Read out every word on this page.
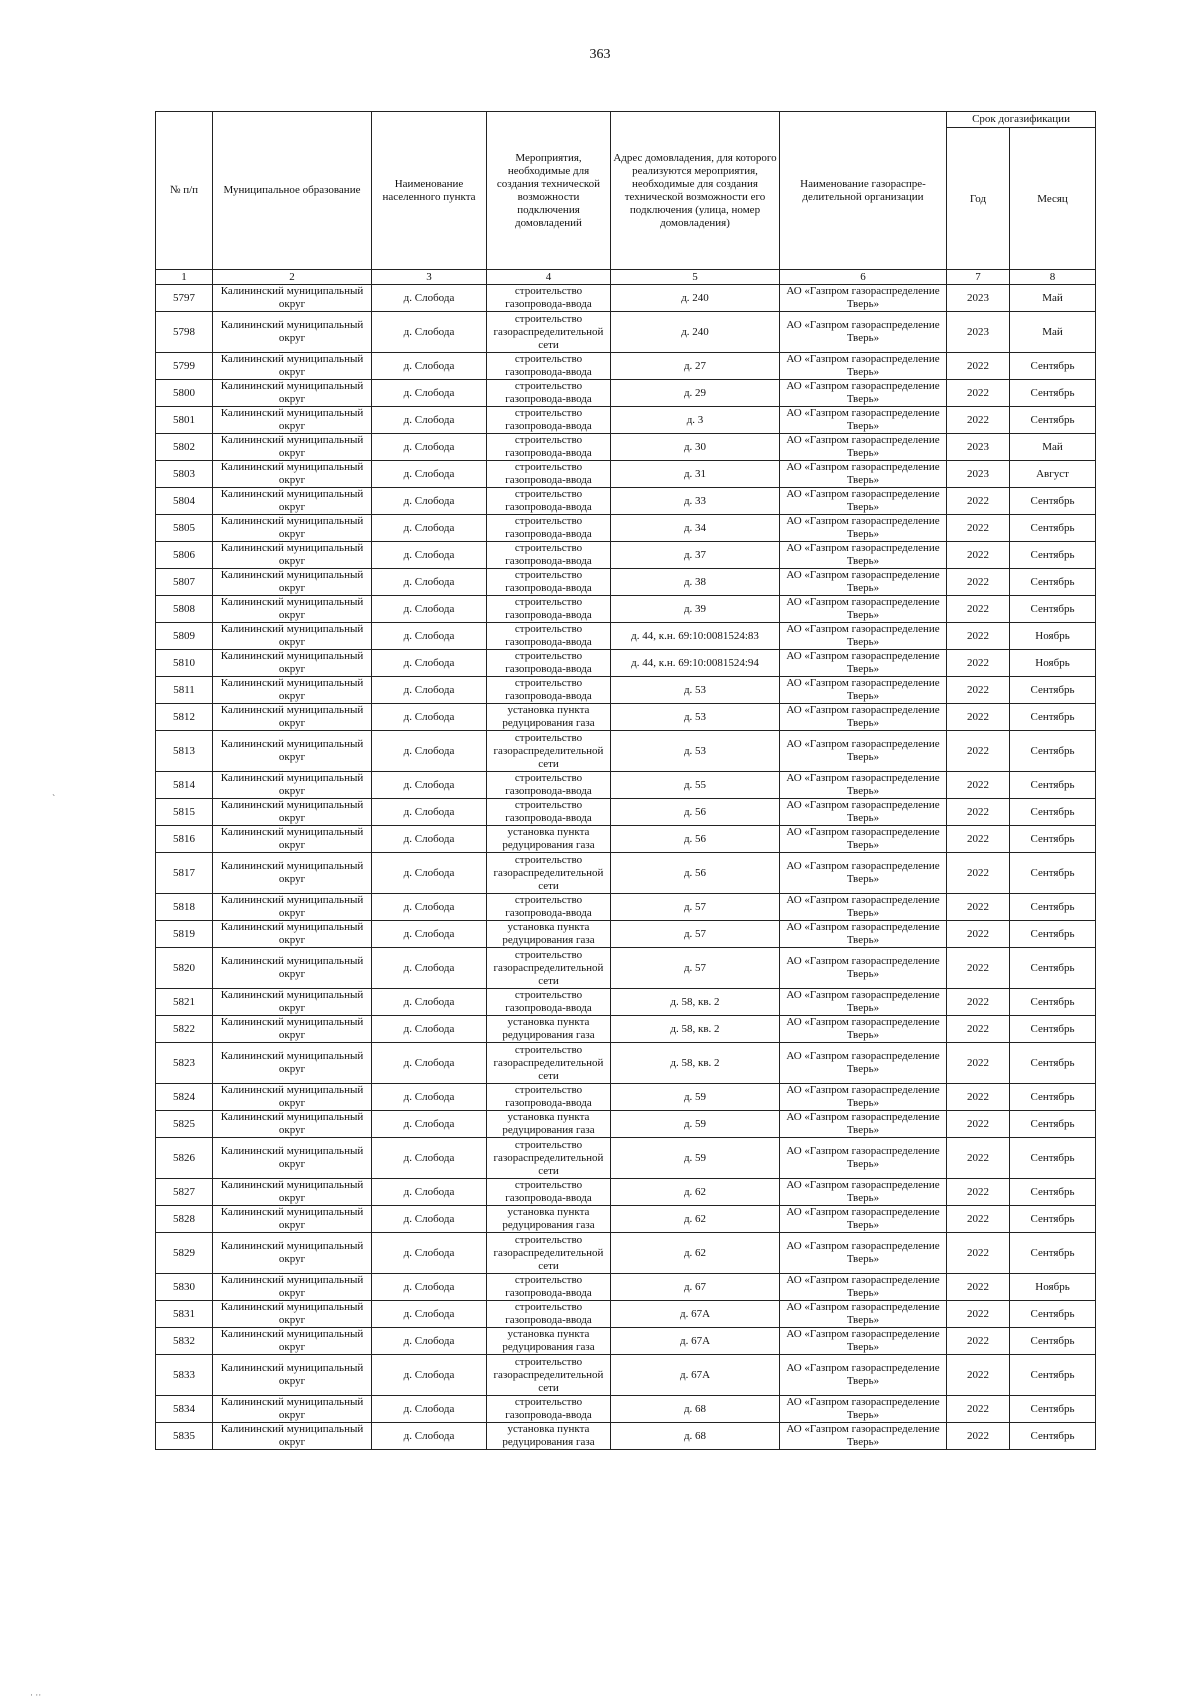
363
`
· ··
№ п/п	Муниципальное образование	Наименование населенного пункта	Мероприятия, необходимые для создания технической возможности подключения домовладений	Адрес домовладения, для которого реализуются мероприятия, необходимые для создания технической возможности его подключения (улица, номер домовладения)	Наименование газораспре-делительной организации	Срок догазификации	
						Год	Месяц
1	2	3	4	5	6	7	8
5797	Калининский муниципальный округ	д. Слобода	строительство газопровода-ввода	д. 240	АО «Газпром газораспределение Тверь»	2023	Май
5798	Калининский муниципальный округ	д. Слобода	строительство газораспределительной сети	д. 240	АО «Газпром газораспределение Тверь»	2023	Май
5799	Калининский муниципальный округ	д. Слобода	строительство газопровода-ввода	д. 27	АО «Газпром газораспределение Тверь»	2022	Сентябрь
5800	Калининский муниципальный округ	д. Слобода	строительство газопровода-ввода	д. 29	АО «Газпром газораспределение Тверь»	2022	Сентябрь
5801	Калининский муниципальный округ	д. Слобода	строительство газопровода-ввода	д. 3	АО «Газпром газораспределение Тверь»	2022	Сентябрь
5802	Калининский муниципальный округ	д. Слобода	строительство газопровода-ввода	д. 30	АО «Газпром газораспределение Тверь»	2023	Май
5803	Калининский муниципальный округ	д. Слобода	строительство газопровода-ввода	д. 31	АО «Газпром газораспределение Тверь»	2023	Август
5804	Калининский муниципальный округ	д. Слобода	строительство газопровода-ввода	д. 33	АО «Газпром газораспределение Тверь»	2022	Сентябрь
5805	Калининский муниципальный округ	д. Слобода	строительство газопровода-ввода	д. 34	АО «Газпром газораспределение Тверь»	2022	Сентябрь
5806	Калининский муниципальный округ	д. Слобода	строительство газопровода-ввода	д. 37	АО «Газпром газораспределение Тверь»	2022	Сентябрь
5807	Калининский муниципальный округ	д. Слобода	строительство газопровода-ввода	д. 38	АО «Газпром газораспределение Тверь»	2022	Сентябрь
5808	Калининский муниципальный округ	д. Слобода	строительство газопровода-ввода	д. 39	АО «Газпром газораспределение Тверь»	2022	Сентябрь
5809	Калининский муниципальный округ	д. Слобода	строительство газопровода-ввода	д. 44, к.н. 69:10:0081524:83	АО «Газпром газораспределение Тверь»	2022	Ноябрь
5810	Калининский муниципальный округ	д. Слобода	строительство газопровода-ввода	д. 44, к.н. 69:10:0081524:94	АО «Газпром газораспределение Тверь»	2022	Ноябрь
5811	Калининский муниципальный округ	д. Слобода	строительство газопровода-ввода	д. 53	АО «Газпром газораспределение Тверь»	2022	Сентябрь
5812	Калининский муниципальный округ	д. Слобода	установка пункта редуцирования газа	д. 53	АО «Газпром газораспределение Тверь»	2022	Сентябрь
5813	Калининский муниципальный округ	д. Слобода	строительство газораспределительной сети	д. 53	АО «Газпром газораспределение Тверь»	2022	Сентябрь
5814	Калининский муниципальный округ	д. Слобода	строительство газопровода-ввода	д. 55	АО «Газпром газораспределение Тверь»	2022	Сентябрь
5815	Калининский муниципальный округ	д. Слобода	строительство газопровода-ввода	д. 56	АО «Газпром газораспределение Тверь»	2022	Сентябрь
5816	Калининский муниципальный округ	д. Слобода	установка пункта редуцирования газа	д. 56	АО «Газпром газораспределение Тверь»	2022	Сентябрь
5817	Калининский муниципальный округ	д. Слобода	строительство газораспределительной сети	д. 56	АО «Газпром газораспределение Тверь»	2022	Сентябрь
5818	Калининский муниципальный округ	д. Слобода	строительство газопровода-ввода	д. 57	АО «Газпром газораспределение Тверь»	2022	Сентябрь
5819	Калининский муниципальный округ	д. Слобода	установка пункта редуцирования газа	д. 57	АО «Газпром газораспределение Тверь»	2022	Сентябрь
5820	Калининский муниципальный округ	д. Слобода	строительство газораспределительной сети	д. 57	АО «Газпром газораспределение Тверь»	2022	Сентябрь
5821	Калининский муниципальный округ	д. Слобода	строительство газопровода-ввода	д. 58, кв. 2	АО «Газпром газораспределение Тверь»	2022	Сентябрь
5822	Калининский муниципальный округ	д. Слобода	установка пункта редуцирования газа	д. 58, кв. 2	АО «Газпром газораспределение Тверь»	2022	Сентябрь
5823	Калининский муниципальный округ	д. Слобода	строительство газораспределительной сети	д. 58, кв. 2	АО «Газпром газораспределение Тверь»	2022	Сентябрь
5824	Калининский муниципальный округ	д. Слобода	строительство газопровода-ввода	д. 59	АО «Газпром газораспределение Тверь»	2022	Сентябрь
5825	Калининский муниципальный округ	д. Слобода	установка пункта редуцирования газа	д. 59	АО «Газпром газораспределение Тверь»	2022	Сентябрь
5826	Калининский муниципальный округ	д. Слобода	строительство газораспределительной сети	д. 59	АО «Газпром газораспределение Тверь»	2022	Сентябрь
5827	Калининский муниципальный округ	д. Слобода	строительство газопровода-ввода	д. 62	АО «Газпром газораспределение Тверь»	2022	Сентябрь
5828	Калининский муниципальный округ	д. Слобода	установка пункта редуцирования газа	д. 62	АО «Газпром газораспределение Тверь»	2022	Сентябрь
5829	Калининский муниципальный округ	д. Слобода	строительство газораспределительной сети	д. 62	АО «Газпром газораспределение Тверь»	2022	Сентябрь
5830	Калининский муниципальный округ	д. Слобода	строительство газопровода-ввода	д. 67	АО «Газпром газораспределение Тверь»	2022	Ноябрь
5831	Калининский муниципальный округ	д. Слобода	строительство газопровода-ввода	д. 67А	АО «Газпром газораспределение Тверь»	2022	Сентябрь
5832	Калининский муниципальный округ	д. Слобода	установка пункта редуцирования газа	д. 67А	АО «Газпром газораспределение Тверь»	2022	Сентябрь
5833	Калининский муниципальный округ	д. Слобода	строительство газораспределительной сети	д. 67А	АО «Газпром газораспределение Тверь»	2022	Сентябрь
5834	Калининский муниципальный округ	д. Слобода	строительство газопровода-ввода	д. 68	АО «Газпром газораспределение Тверь»	2022	Сентябрь
5835	Калининский муниципальный округ	д. Слобода	установка пункта редуцирования газа	д. 68	АО «Газпром газораспределение Тверь»	2022	Сентябрь
